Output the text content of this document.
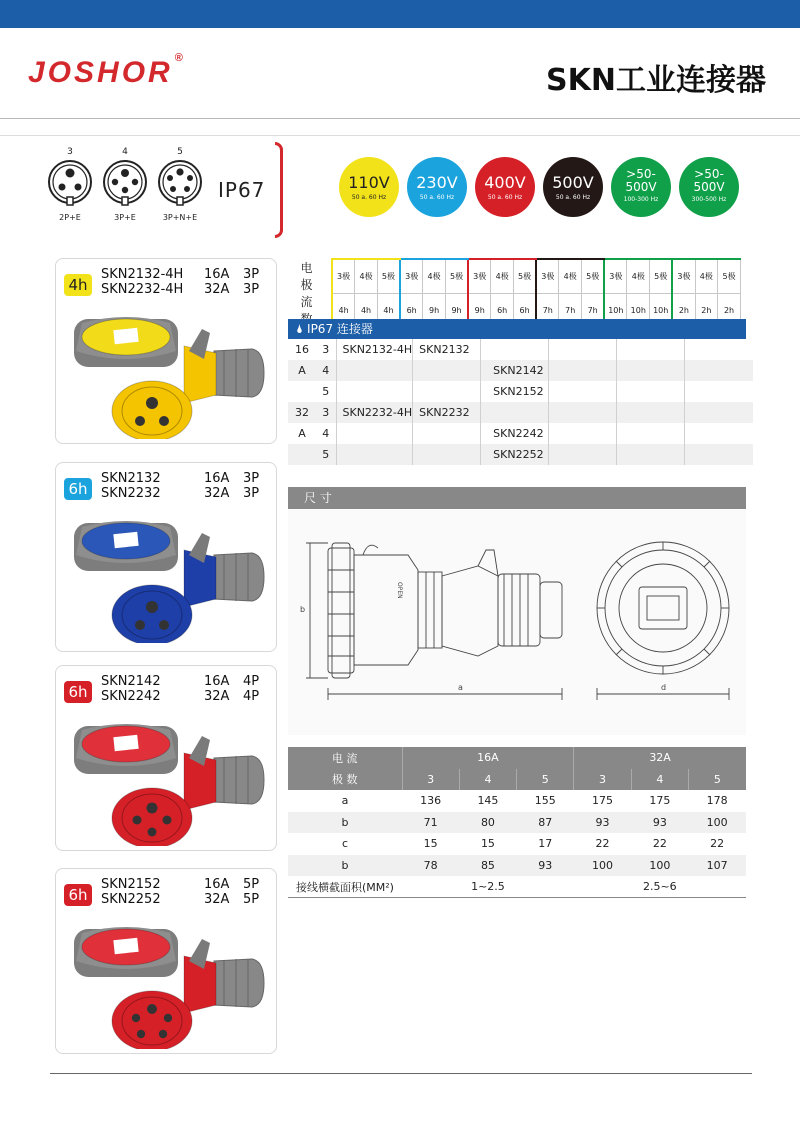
JOSHOR ®
SKN工业连接器
3
2P+E
4
3P+E
5
3P+N+E
IP67	110V
50 a. 60 Hz
230V
50 a. 60 Hz
400V
50 a. 60 Hz
500V
50 a. 60 Hz
>50-
500V
100-300 Hz
>50-
500V
300-500 Hz
4h
SKN2132-4H 16A 3P
SKN2232-4H 32A 3P
6h
SKN2132	16A 3P
SKN2232	32A 3P
6h
SKN2142	16A 4P
SKN2242	32A 4P
6h
SKN2152	16A 5P
SKN2252	32A 5P
电 极	3极	4极	5极	3极	4极	5极	3极	4极	5极	3极	4极	5极	3极	4极	5极	3极	4极	5极
流	4h	4h	4h	6h	9h	9h	9h	6h	6h	7h	7h	7h	10h	10h	10h	2h	2h	2h
🌢 IP67 连接器
16	3	SKN2132-4H	SKN2132				

A	4			SKN2142			
	5			SKN2152			

32	3	SKN2232-4H	SKN2232				

A	4			SKN2242			
	5			SKN2252			
尺 寸
a
b
d
OPEN
电 流	16A			32A		
极 数	3	4	5	3	4	5
a	136	145	155	175	175	178
b	71	80	87	93	93	100
c	15	15	17	22	22	22
b	78	85	93	100	100	107
接线横截面积(MM²)	1~2.5			2.5~6		
